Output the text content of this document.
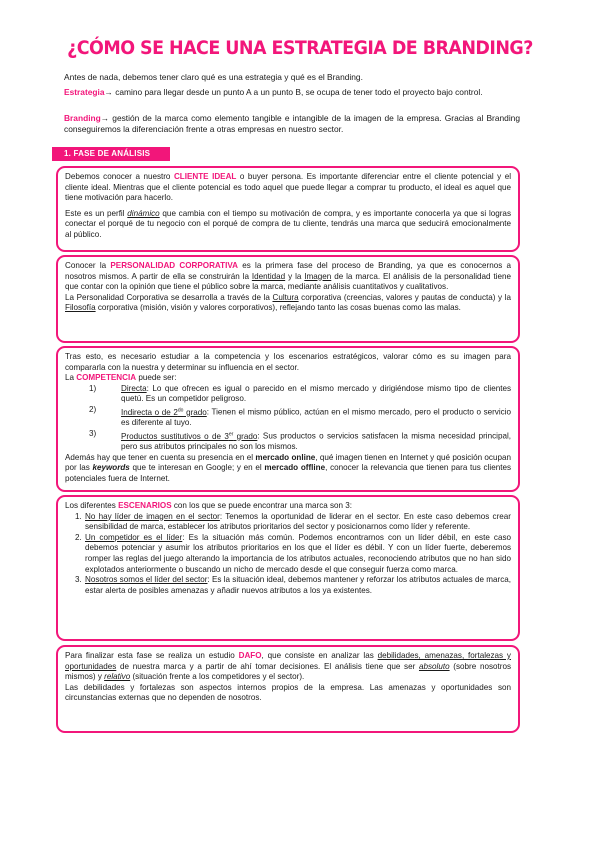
¿CÓMO SE HACE UNA ESTRATEGIA DE BRANDING?

Antes de nada, debemos tener claro qué es una estrategia y qué es el Branding.

Estrategia→ camino para llegar desde un punto A a un punto B, se ocupa de tener todo el proyecto bajo control.

Branding→ gestión de la marca como elemento tangible e intangible de la imagen de la empresa. Gracias al Branding conseguiremos la diferenciación frente a otras empresas en nuestro sector.

1. FASE DE ANÁLISIS

Debemos conocer a nuestro CLIENTE IDEAL o buyer persona. Es importante diferenciar entre el cliente potencial y el cliente ideal. Mientras que el cliente potencial es todo aquel que puede llegar a comprar tu producto, el ideal es aquel que tiene motivación para hacerlo.

Este es un perfil dinámico que cambia con el tiempo su motivación de compra, y es importante conocerla ya que si logras conectar el porqué de tu negocio con el porqué de compra de tu cliente, tendrás una marca que seducirá emocionalmente al público.

Conocer la PERSONALIDAD CORPORATIVA es la primera fase del proceso de Branding, ya que es conocernos a nosotros mismos. A partir de ella se construirán la Identidad y la Imagen de la marca. El análisis de la personalidad tiene que contar con la opinión que tiene el público sobre la marca, mediante análisis cuantitativos y cualitativos.

La Personalidad Corporativa se desarrolla a través de la Cultura corporativa (creencias, valores y pautas de conducta) y la Filosofía corporativa (misión, visión y valores corporativos), reflejando tanto las cosas buenas como las malas.

Tras esto, es necesario estudiar a la competencia y los escenarios estratégicos, valorar cómo es su imagen para compararla con la nuestra y determinar su influencia en el sector.

La COMPETENCIA puede ser:

1)	Directa: Lo que ofrecen es igual o parecido en el mismo mercado y dirigiéndose mismo tipo de clientes quetú. Es un competidor peligroso.
2)	Indirecta o de $2^{do}$ grado: Tienen el mismo público, actúan en el mismo mercado, pero el producto o servicio es diferente al tuyo.
3)	Productos sustitutivos o de 3er grado: Sus productos o servicios satisfacen la misma necesidad principal, pero sus atributos principales no son los mismos.

Además hay que tener en cuenta su presencia en el mercado online, qué imagen tienen en Internet y qué posición ocupan por las keywords que te interesan en Google; y en el mercado offline, conocer la relevancia que tienen para tus clientes potenciales fuera de Internet.

Los diferentes ESCENARIOS con los que se puede encontrar una marca son 3:

1. No hay líder de imagen en el sector: Tenemos la oportunidad de liderar en el sector. En este caso debemos crear sensibilidad de marca, establecer los atributos prioritarios del sector y posicionarnos como líder y referente.
2. Un competidor es el líder: Es la situación más común. Podemos encontrarnos con un líder débil, en este caso debemos potenciar y asumir los atributos prioritarios en los que el líder es débil. Y con un líder fuerte, deberemos romper las reglas del juego alterando la importancia de los atributos actuales, reconociendo atributos que no han sido explotados anteriormente o buscando un nicho de mercado desde el que conseguir fuerza como marca.
3. Nosotros somos el líder del sector: Es la situación ideal, debemos mantener y reforzar los atributos actuales de marca, estar alerta de posibles amenazas y añadir nuevos atributos a los ya existentes.

Para finalizar esta fase se realiza un estudio DAFO, que consiste en analizar las debilidades, amenazas, fortalezas y oportunidades de nuestra marca y a partir de ahí tomar decisiones. El análisis tiene que ser absoluto (sobre nosotros mismos) y relativo (situación frente a los competidores y el sector).

Las debilidades y fortalezas son aspectos internos propios de la empresa. Las amenazas y oportunidades son circunstancias externas que no dependen de nosotros.
